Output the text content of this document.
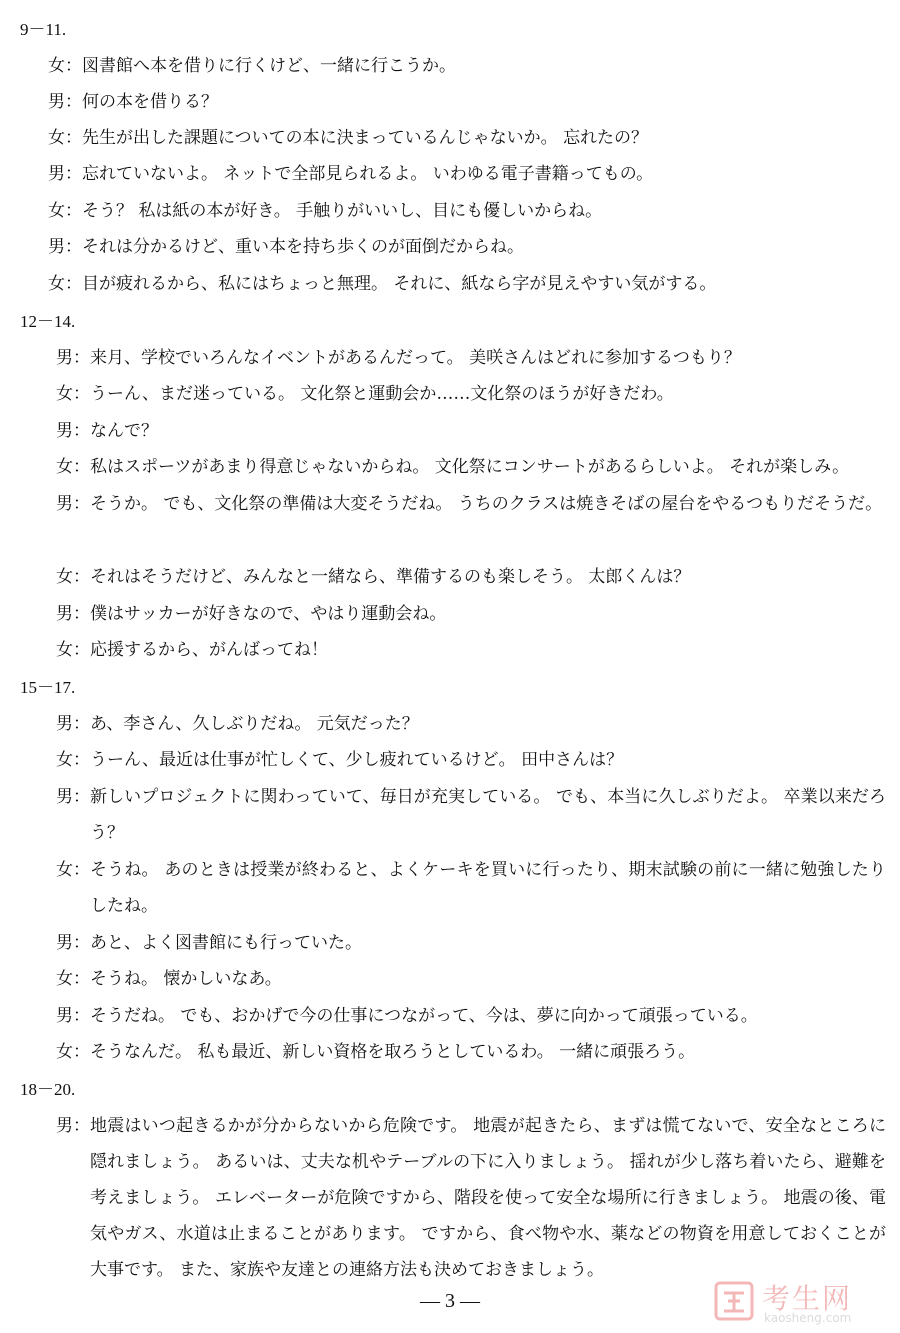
9－11.
女： 図書館へ本を借りに行くけど、一緒に行こうか。
男： 何の本を借りる？
女： 先生が出した課題についての本に決まっているんじゃないか。 忘れたの？
男： 忘れていないよ。 ネットで全部見られるよ。 いわゆる電子書籍ってもの。
女： そう？ 私は紙の本が好き。 手触りがいいし、目にも優しいからね。
男： それは分かるけど、重い本を持ち歩くのが面倒だからね。
女： 目が疲れるから、私にはちょっと無理。 それに、紙なら字が見えやすい気がする。
12－14.
男： 来月、学校でいろんなイベントがあるんだって。 美咲さんはどれに参加するつもり？
女： うーん、まだ迷っている。 文化祭と運動会か……文化祭のほうが好きだわ。
男： なんで？
女： 私はスポーツがあまり得意じゃないからね。 文化祭にコンサートがあるらしいよ。 それが楽しみ。
男： そうか。 でも、文化祭の準備は大変そうだね。 うちのクラスは焼きそばの屋台をやるつもりだそうだ。
女： それはそうだけど、みんなと一緒なら、準備するのも楽しそう。 太郎くんは？
男： 僕はサッカーが好きなので、やはり運動会ね。
女： 応援するから、がんばってね！
15－17.
男： あ、李さん、久しぶりだね。 元気だった？
女： うーん、最近は仕事が忙しくて、少し疲れているけど。 田中さんは？
男： 新しいプロジェクトに関わっていて、毎日が充実している。 でも、本当に久しぶりだよ。 卒業以来だろう？
女： そうね。 あのときは授業が終わると、よくケーキを買いに行ったり、期末試験の前に一緒に勉強したりしたね。
男： あと、よく図書館にも行っていた。
女： そうね。 懐かしいなあ。
男： そうだね。 でも、おかげで今の仕事につながって、今は、夢に向かって頑張っている。
女： そうなんだ。 私も最近、新しい資格を取ろうとしているわ。 一緒に頑張ろう。
18－20.
男： 地震はいつ起きるかが分からないから危険です。 地震が起きたら、まずは慌てないで、安全なところに隠れましょう。 あるいは、丈夫な机やテーブルの下に入りましょう。 揺れが少し落ち着いたら、避難を考えましょう。 エレベーターが危険ですから、階段を使って安全な場所に行きましょう。 地震の後、電気やガス、水道は止まることがあります。 ですから、食べ物や水、薬などの物資を用意しておくことが大事です。 また、家族や友達との連絡方法も決めておきましょう。
— 3 —	考生网
kaosheng.com
